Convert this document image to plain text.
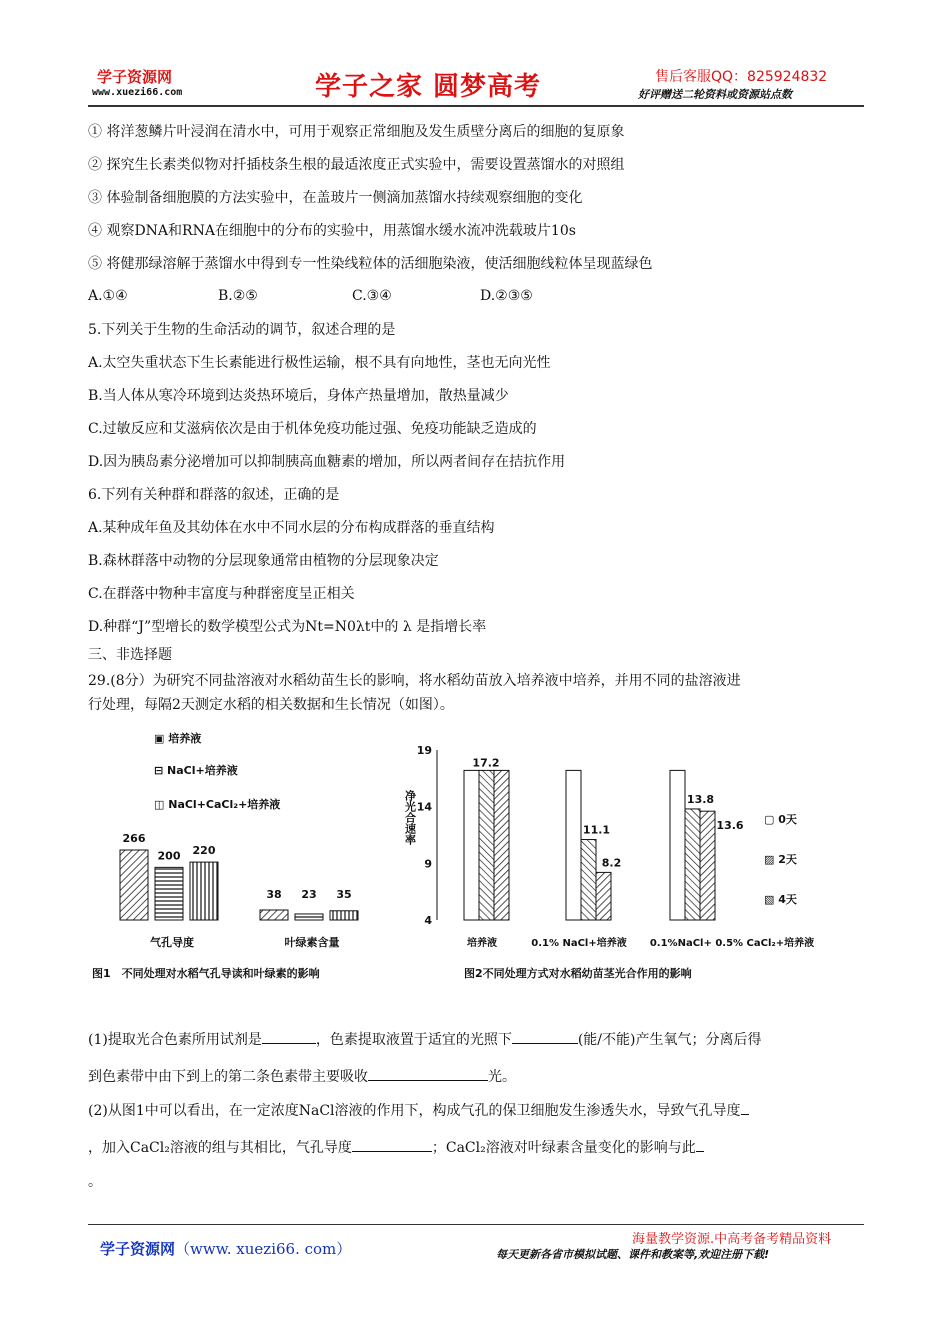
学子资源网
www.xuezi66.com	学子之家 圆梦高考	售后客服QQ：825924832
好评赠送二轮资料或资源站点数
① 将洋葱鳞片叶浸润在清水中，可用于观察正常细胞及发生质壁分离后的细胞的复原象
② 探究生长素类似物对扦插枝条生根的最适浓度正式实验中，需要设置蒸馏水的对照组
③ 体验制备细胞膜的方法实验中，在盖玻片一侧滴加蒸馏水持续观察细胞的变化
④ 观察DNA和RNA在细胞中的分布的实验中，用蒸馏水缓水流冲洗载玻片10s
⑤ 将健那绿溶解于蒸馏水中得到专一性染线粒体的活细胞染液，使活细胞线粒体呈现蓝绿色
A.①④	B.②⑤	C.③④	D.②③⑤
5.下列关于生物的生命活动的调节，叙述合理的是
A.太空失重状态下生长素能进行极性运输，根不具有向地性，茎也无向光性
B.当人体从寒冷环境到达炎热环境后，身体产热量增加，散热量减少
C.过敏反应和艾滋病依次是由于机体免疫功能过强、免疫功能缺乏造成的
D.因为胰岛素分泌增加可以抑制胰高血糖素的增加，所以两者间存在拮抗作用
6.下列有关种群和群落的叙述，正确的是
A.某种成年鱼及其幼体在水中不同水层的分布构成群落的垂直结构
B.森林群落中动物的分层现象通常由植物的分层现象决定
C.在群落中物种丰富度与种群密度呈正相关
D.种群“J”型增长的数学模型公式为Nt=N0λt中的 λ 是指增长率
三、非选择题
29.(8分）为研究不同盐溶液对水稻幼苗生长的影响，将水稻幼苗放入培养液中培养，并用不同的盐溶液进
行处理，每隔2天测定水稻的相关数据和生长情况（如图）。
266
200 220
气孔导度
38 23 35
叶绿素含量
4
9
14
19
净光合速率
17.2
培养液
11.1
8.2
0.1% NaCl+培养液
13.8
13.6
0.1%NaCl+ 0.5% CaCl₂+培养液
▣ 培养液
⊟ NaCl+培养液
◫ NaCl+CaCl₂+培养液
▢ 0天
▨ 2天
▧ 4天
图1　不同处理对水稻气孔导读和叶绿素的影响	图2不同处理方式对水稻幼苗茎光合作用的影响
(1)提取光合色素所用试剂是	，色素提取液置于适宜的光照下	(能/不能)产生氧气；分离后得
到色素带中由下到上的第二条色素带主要吸收	光。
(2)从图1中可以看出，在一定浓度NaCl溶液的作用下，构成气孔的保卫细胞发生渗透失水，导致气孔导度
，加入CaCl₂溶液的组与其相比，气孔导度	；CaCl₂溶液对叶绿素含量变化的影响与此
。
学子资源网（www. xuezi66. com）
海量教学资源.中高考备考精品资料
每天更新各省市模拟试题、课件和教案等,欢迎注册下载!
